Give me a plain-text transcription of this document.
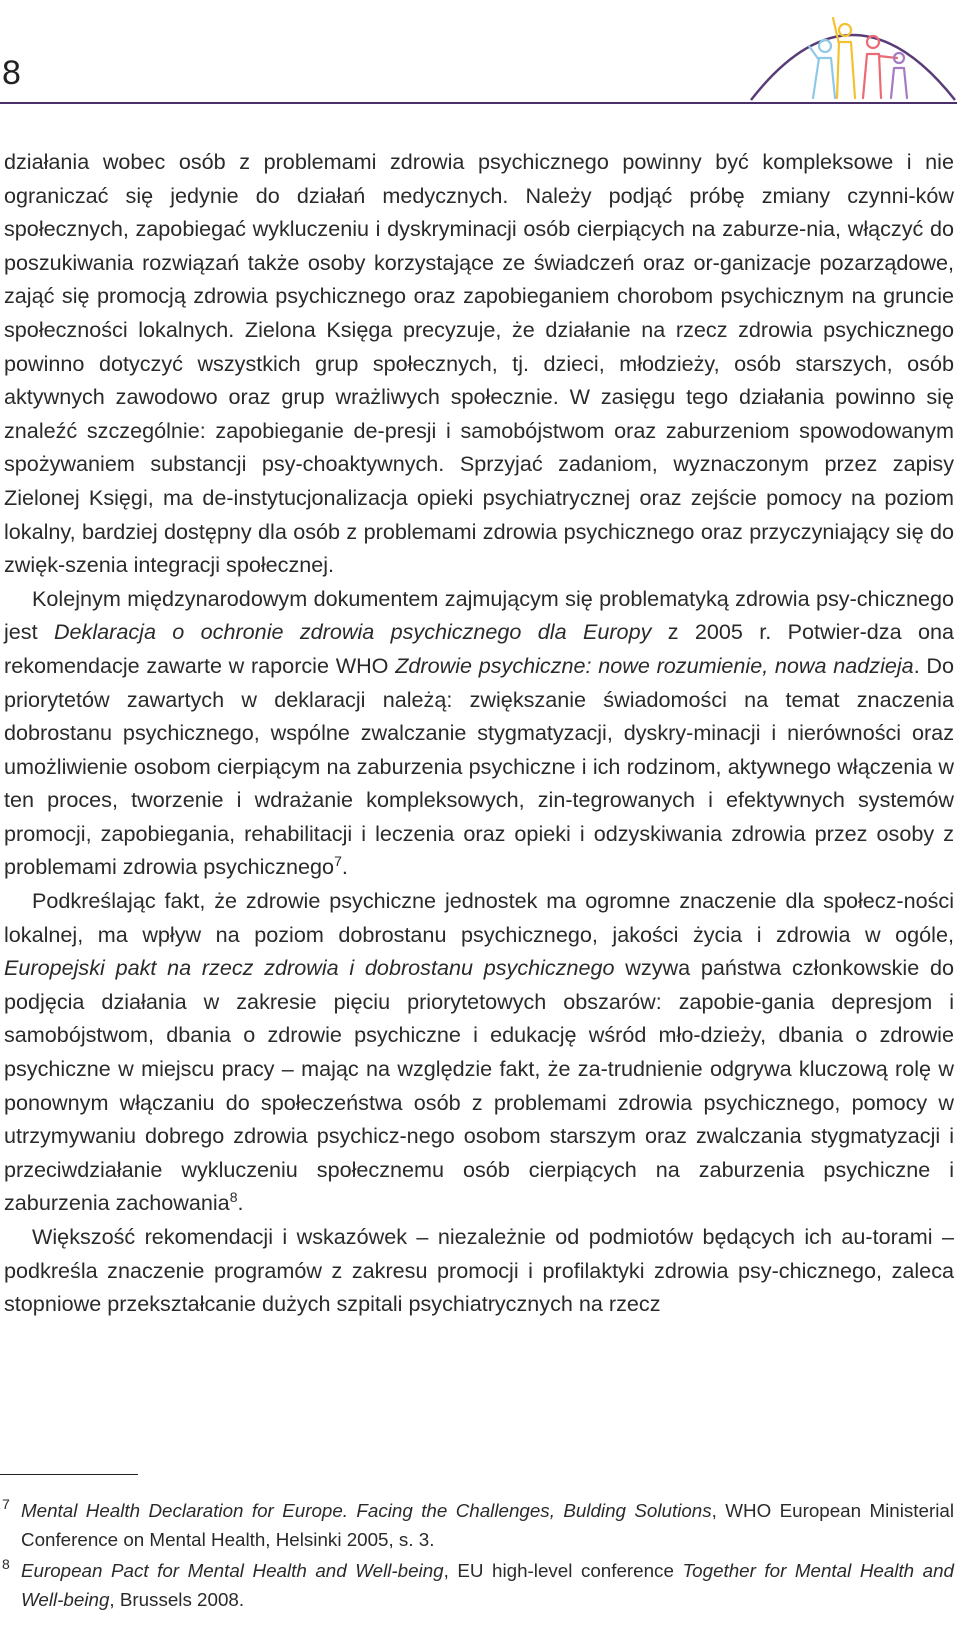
8

działania wobec osób z problemami zdrowia psychicznego powinny być kompleksowe i nie ograniczać się jedynie do działań medycznych. Należy podjąć próbę zmiany czynni-ków społecznych, zapobiegać wykluczeniu i dyskryminacji osób cierpiących na zaburze-nia, włączyć do poszukiwania rozwiązań także osoby korzystające ze świadczeń oraz or-ganizacje pozarządowe, zająć się promocją zdrowia psychicznego oraz zapobieganiem chorobom psychicznym na gruncie społeczności lokalnych. Zielona Księga precyzuje, że działanie na rzecz zdrowia psychicznego powinno dotyczyć wszystkich grup społecznych, tj. dzieci, młodzieży, osób starszych, osób aktywnych zawodowo oraz grup wrażliwych społecznie. W zasięgu tego działania powinno się znaleźć szczególnie: zapobieganie de-presji i samobójstwom oraz zaburzeniom spowodowanym spożywaniem substancji psy-choaktywnych. Sprzyjać zadaniom, wyznaczonym przez zapisy Zielonej Księgi, ma de-instytucjonalizacja opieki psychiatrycznej oraz zejście pomocy na poziom lokalny, bardziej dostępny dla osób z problemami zdrowia psychicznego oraz przyczyniający się do zwięk-szenia integracji społecznej.

Kolejnym międzynarodowym dokumentem zajmującym się problematyką zdrowia psy-chicznego jest Deklaracja o ochronie zdrowia psychicznego dla Europy z 2005 r. Potwier-dza ona rekomendacje zawarte w raporcie WHO Zdrowie psychiczne: nowe rozumienie, nowa nadzieja. Do priorytetów zawartych w deklaracji należą: zwiększanie świadomości na temat znaczenia dobrostanu psychicznego, wspólne zwalczanie stygmatyzacji, dyskry-minacji i nierówności oraz umożliwienie osobom cierpiącym na zaburzenia psychiczne i ich rodzinom, aktywnego włączenia w ten proces, tworzenie i wdrażanie kompleksowych, zin-tegrowanych i efektywnych systemów promocji, zapobiegania, rehabilitacji i leczenia oraz opieki i odzyskiwania zdrowia przez osoby z problemami zdrowia psychicznego$^7$.

Podkreślając fakt, że zdrowie psychiczne jednostek ma ogromne znaczenie dla społecz-ności lokalnej, ma wpływ na poziom dobrostanu psychicznego, jakości życia i zdrowia w ogóle, Europejski pakt na rzecz zdrowia i dobrostanu psychicznego wzywa państwa członkowskie do podjęcia działania w zakresie pięciu priorytetowych obszarów: zapobie-gania depresjom i samobójstwom, dbania o zdrowie psychiczne i edukację wśród mło-dzieży, dbania o zdrowie psychiczne w miejscu pracy – mając na względzie fakt, że za-trudnienie odgrywa kluczową rolę w ponownym włączaniu do społeczeństwa osób z problemami zdrowia psychicznego, pomocy w utrzymywaniu dobrego zdrowia psychicz-nego osobom starszym oraz zwalczania stygmatyzacji i przeciwdziałanie wykluczeniu społecznemu osób cierpiących na zaburzenia psychiczne i zaburzenia zachowania$^8$.

Większość rekomendacji i wskazówek – niezależnie od podmiotów będących ich au-torami – podkreśla znaczenie programów z zakresu promocji i profilaktyki zdrowia psy-chicznego, zaleca stopniowe przekształcanie dużych szpitali psychiatrycznych na rzecz

7 Mental Health Declaration for Europe. Facing the Challenges, Bulding Solutions, WHO European Ministerial Conference on Mental Health, Helsinki 2005, s. 3.
8 European Pact for Mental Health and Well-being, EU high-level conference Together for Mental Health and Well-being, Brussels 2008.
